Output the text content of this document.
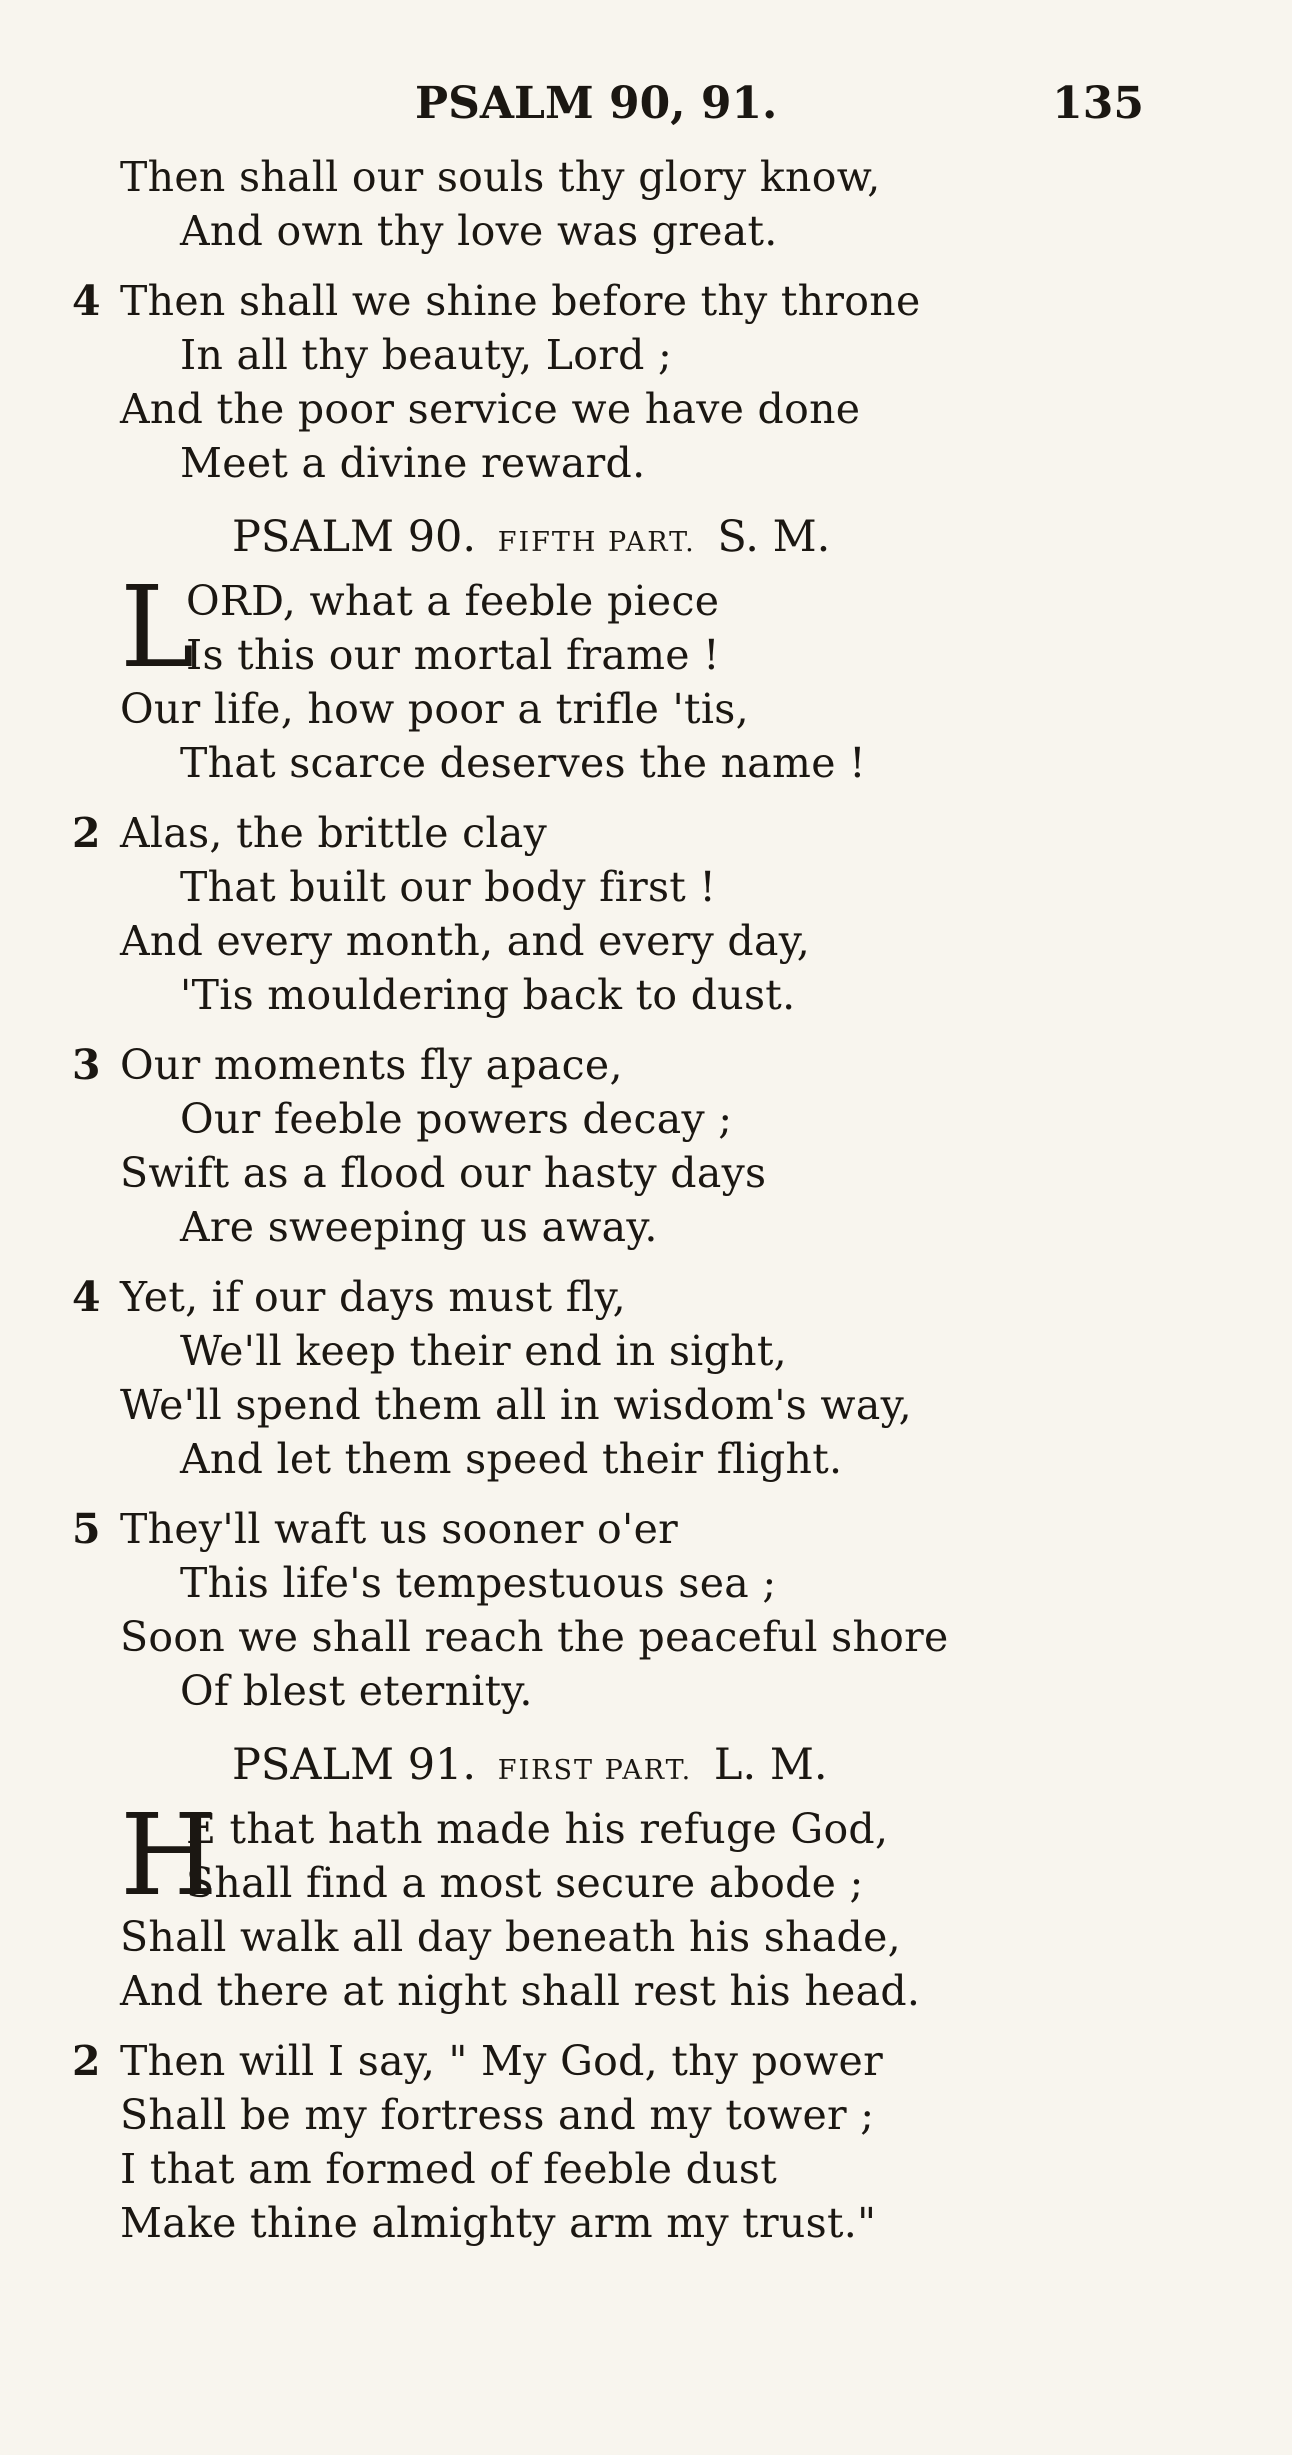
PSALM 90, 91.	135
Then shall our souls thy glory know,
And own thy love was great.
4 Then shall we shine before thy throne
In all thy beauty, Lord ;
And the poor service we have done
Meet a divine reward.
PSALM 90. FIFTH PART. S. M.
L
ORD, what a feeble piece
Is this our mortal frame !
Our life, how poor a trifle 'tis,
That scarce deserves the name !
2 Alas, the brittle clay
That built our body first !
And every month, and every day,
'Tis mouldering back to dust.
3 Our moments fly apace,
Our feeble powers decay ;
Swift as a flood our hasty days
Are sweeping us away.
4 Yet, if our days must fly,
We'll keep their end in sight,
We'll spend them all in wisdom's way,
And let them speed their flight.
5 They'll waft us sooner o'er
This life's tempestuous sea ;
Soon we shall reach the peaceful shore
Of blest eternity.
PSALM 91. FIRST PART. L. M.
H
E that hath made his refuge God,
Shall find a most secure abode ;
Shall walk all day beneath his shade,
And there at night shall rest his head.
2 Then will I say, " My God, thy power
Shall be my fortress and my tower ;
I that am formed of feeble dust
Make thine almighty arm my trust."
